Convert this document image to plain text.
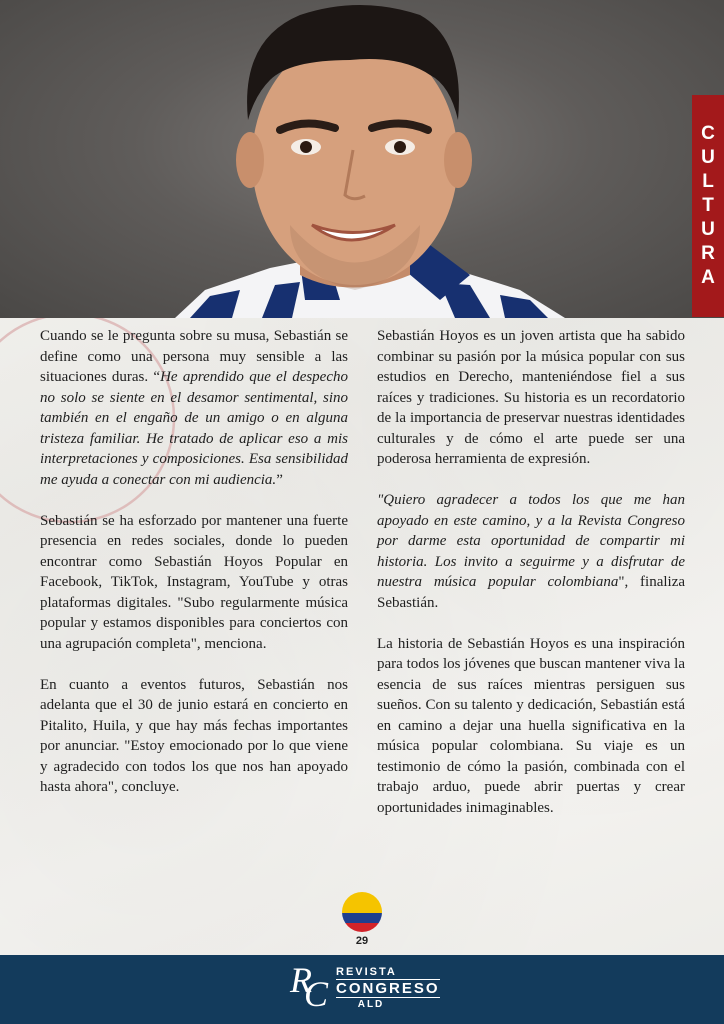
C
U
L
T
U
R
A

Cuando se le pregunta sobre su musa, Sebastián se define como una persona muy sensible a las situaciones duras. “He aprendido que el despecho no solo se siente en el desamor sentimental, sino también en el engaño de un amigo o en alguna tristeza familiar. He tratado de aplicar eso a mis interpretaciones y composiciones. Esa sensibilidad me ayuda a conectar con mi audiencia.”

Sebastián se ha esforzado por mantener una fuerte presencia en redes sociales, donde lo pueden encontrar como Sebastián Hoyos Popular en Facebook, TikTok, Instagram, YouTube y otras plataformas digitales. "Subo regularmente música popular y estamos disponibles para conciertos con una agrupación completa", menciona.

En cuanto a eventos futuros, Sebastián nos adelanta que el 30 de junio estará en concierto en Pitalito, Huila, y que hay más fechas importantes por anunciar. "Estoy emocionado por lo que viene y agradecido con todos los que nos han apoyado hasta ahora", concluye.

Sebastián Hoyos es un joven artista que ha sabido combinar su pasión por la música popular con sus estudios en Derecho, manteniéndose fiel a sus raíces y tradiciones. Su historia es un recordatorio de la importancia de preservar nuestras identidades culturales y de cómo el arte puede ser una poderosa herramienta de expresión.

"Quiero agradecer a todos los que me han apoyado en este camino, y a la Revista Congreso por darme esta oportunidad de compartir mi historia. Los invito a seguirme y a disfrutar de nuestra música popular colombiana", finaliza Sebastián.

La historia de Sebastián Hoyos es una inspiración para todos los jóvenes que buscan mantener viva la esencia de sus raíces mientras persiguen sus sueños. Con su talento y dedicación, Sebastián está en camino a dejar una huella significativa en la música popular colombiana. Su viaje es un testimonio de cómo la pasión, combinada con el trabajo arduo, puede abrir puertas y crear oportunidades inimaginables.

29
R
C
REVISTA
CONGRESO
ALD
